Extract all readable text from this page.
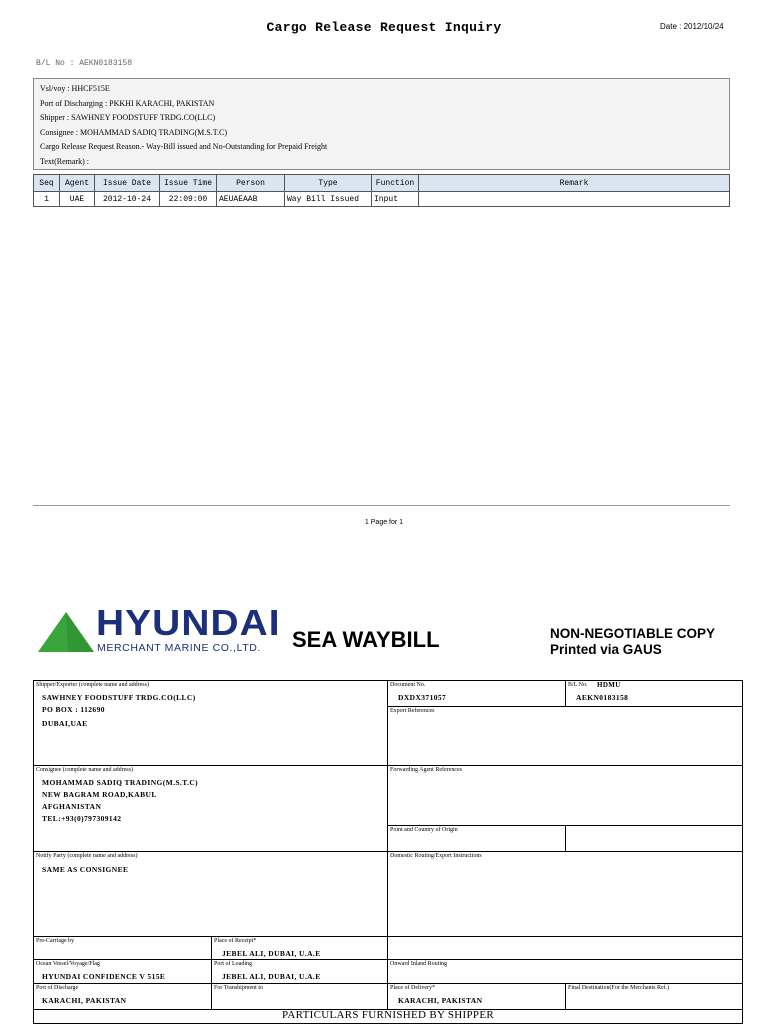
Cargo Release Request Inquiry	Date : 2012/10/24
B/L No : AEKN0183158
Vsl/voy : HHCF515E
Port of Discharging : PKKHI KARACHI, PAKISTAN
Shipper : SAWHNEY FOODSTUFF TRDG.CO(LLC)
Consignee : MOHAMMAD SADIQ TRADING(M.S.T.C)
Cargo Release Request Reason.- Way-Bill issued and No-Outstanding for Prepaid Freight
Text(Remark) :
Seq	Agent	Issue Date	Issue Time	Person	Type	Function	Remark
1	UAE	2012-10-24	22:09:00	AEUAEAAB	Way Bill Issued	Input	
1 Page for 1
HYUNDAI
MERCHANT MARINE CO.,LTD. SEA WAYBILL	NON-NEGOTIABLE COPY
Printed via GAUS
Shipper/Exporter (complete name and address)
SAWHNEY FOODSTUFF TRDG.CO(LLC)
PO BOX : 112690
DUBAI,UAE
Document No.
DXDX371057
B/L No. HDMU
AEKN0183158
Export References
Consignee (complete name and address)
MOHAMMAD SADIQ TRADING(M.S.T.C)
NEW BAGRAM ROAD,KABUL
AFGHANISTAN
TEL:+93(0)797309142
Forwarding Agent References
Point and Country of Origin
Notify Party (complete name and address)
SAME AS CONSIGNEE
Domestic Routing/Export Instructions
Pre-Carriage by	Place of Receipt*
JEBEL ALI, DUBAI, U.A.E
Ocean Vessel/Voyage/Flag
HYUNDAI CONFIDENCE V 515E
Port of Loading
JEBEL ALI, DUBAI, U.A.E
Onward Inland Routing
Port of Discharge
KARACHI, PAKISTAN
For Transhipment to	Place of Delivery*
KARACHI, PAKISTAN
Final Destination(For the Merchants Ref.)
PARTICULARS FURNISHED BY SHIPPER
